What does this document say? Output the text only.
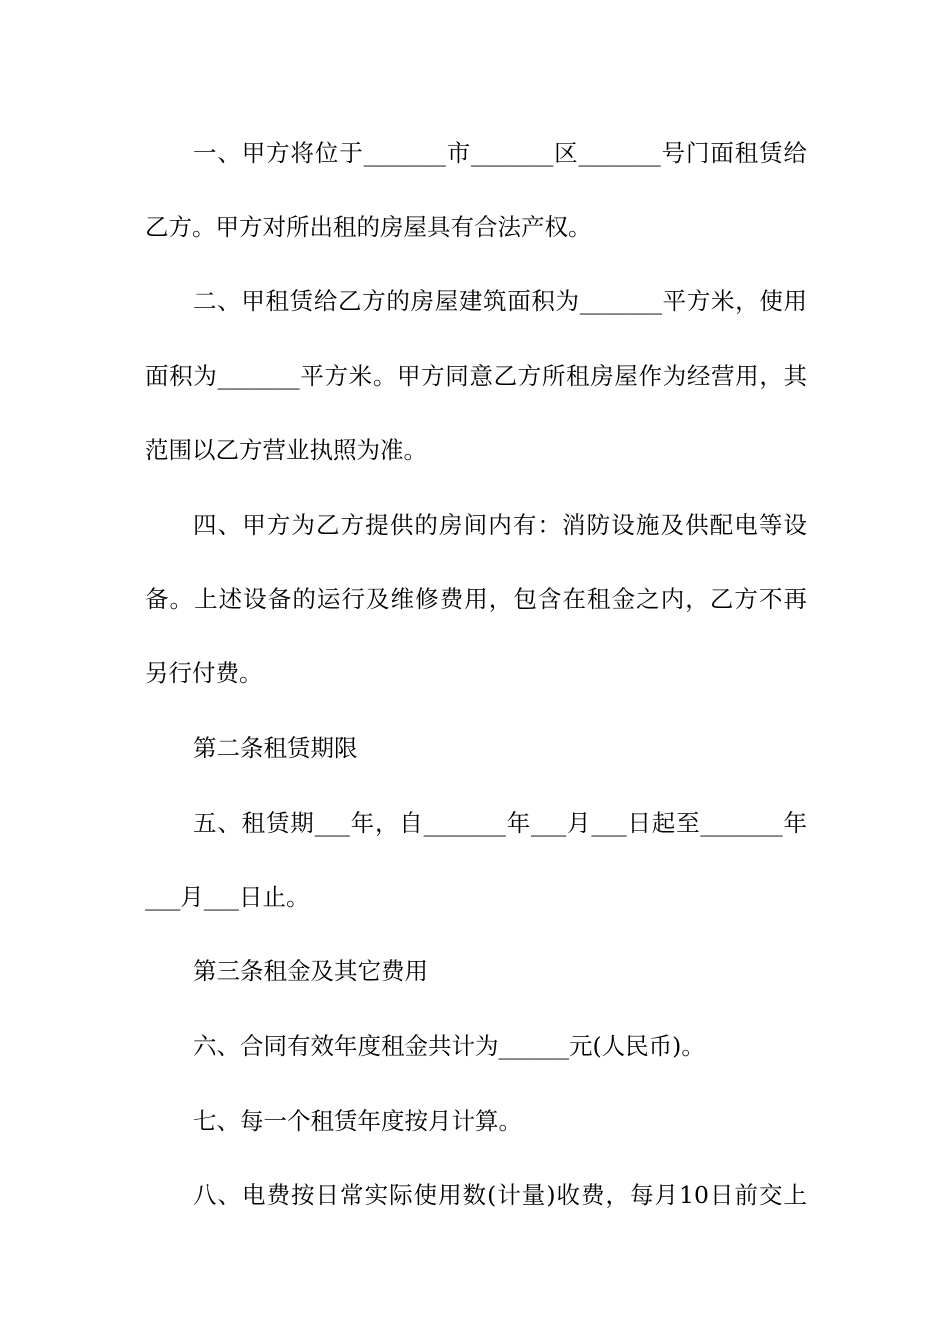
一、甲方将位于_______市_______区_______号门面租赁给
乙方。甲方对所出租的房屋具有合法产权。
二、甲租赁给乙方的房屋建筑面积为_______平方米，使用
面积为_______平方米。甲方同意乙方所租房屋作为经营用，其
范围以乙方营业执照为准。
四、甲方为乙方提供的房间内有：消防设施及供配电等设
备。上述设备的运行及维修费用，包含在租金之内，乙方不再
另行付费。
第二条租赁期限
五、租赁期___年，自_______年___月___日起至_______年
___月___日止。
第三条租金及其它费用
六、合同有效年度租金共计为______元(人民币)。
七、每一个租赁年度按月计算。
八、电费按日常实际使用数(计量)收费，每月10日前交上
